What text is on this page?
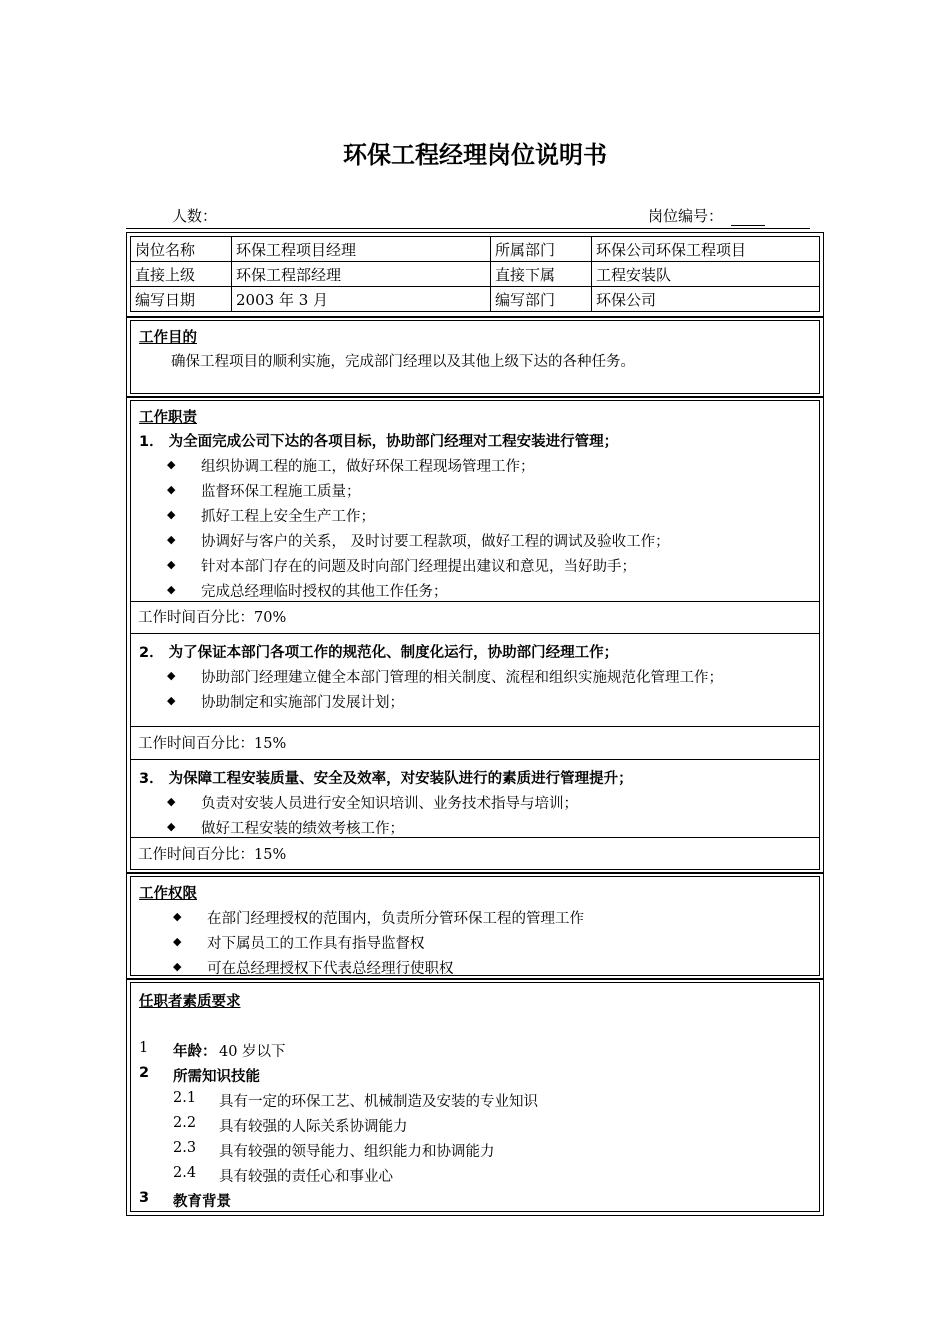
环保工程经理岗位说明书
人数：	岗位编号：
岗位名称	环保工程项目经理	所属部门	环保公司环保工程项目
直接上级	环保工程部经理	直接下属	工程安装队
编写日期	2003 年 3 月	编写部门	环保公司
工作目的
确保工程项目的顺利实施，完成部门经理以及其他上级下达的各种任务。
工作职责
1． 为全面完成公司下达的各项目标，协助部门经理对工程安装进行管理；
◆ 组织协调工程的施工，做好环保工程现场管理工作；
◆ 监督环保工程施工质量；
◆ 抓好工程上安全生产工作；
◆ 协调好与客户的关系， 及时讨要工程款项，做好工程的调试及验收工作；
◆ 针对本部门存在的问题及时向部门经理提出建议和意见，当好助手；
◆ 完成总经理临时授权的其他工作任务；
工作时间百分比：70%
2． 为了保证本部门各项工作的规范化、制度化运行，协助部门经理工作；
◆ 协助部门经理建立健全本部门管理的相关制度、流程和组织实施规范化管理工作；
◆ 协助制定和实施部门发展计划；
工作时间百分比：15%
3． 为保障工程安装质量、安全及效率，对安装队进行的素质进行管理提升；
◆ 负责对安装人员进行安全知识培训、业务技术指导与培训；
◆ 做好工程安装的绩效考核工作；
工作时间百分比：15%
工作权限
◆ 在部门经理授权的范围内，负责所分管环保工程的管理工作
◆ 对下属员工的工作具有指导监督权
◆ 可在总经理授权下代表总经理行使职权
任职者素质要求
1 年龄： 40 岁以下
2 所需知识技能
2.1 具有一定的环保工艺、机械制造及安装的专业知识
2.2 具有较强的人际关系协调能力
2.3 具有较强的领导能力、组织能力和协调能力
2.4 具有较强的责任心和事业心
3 教育背景
